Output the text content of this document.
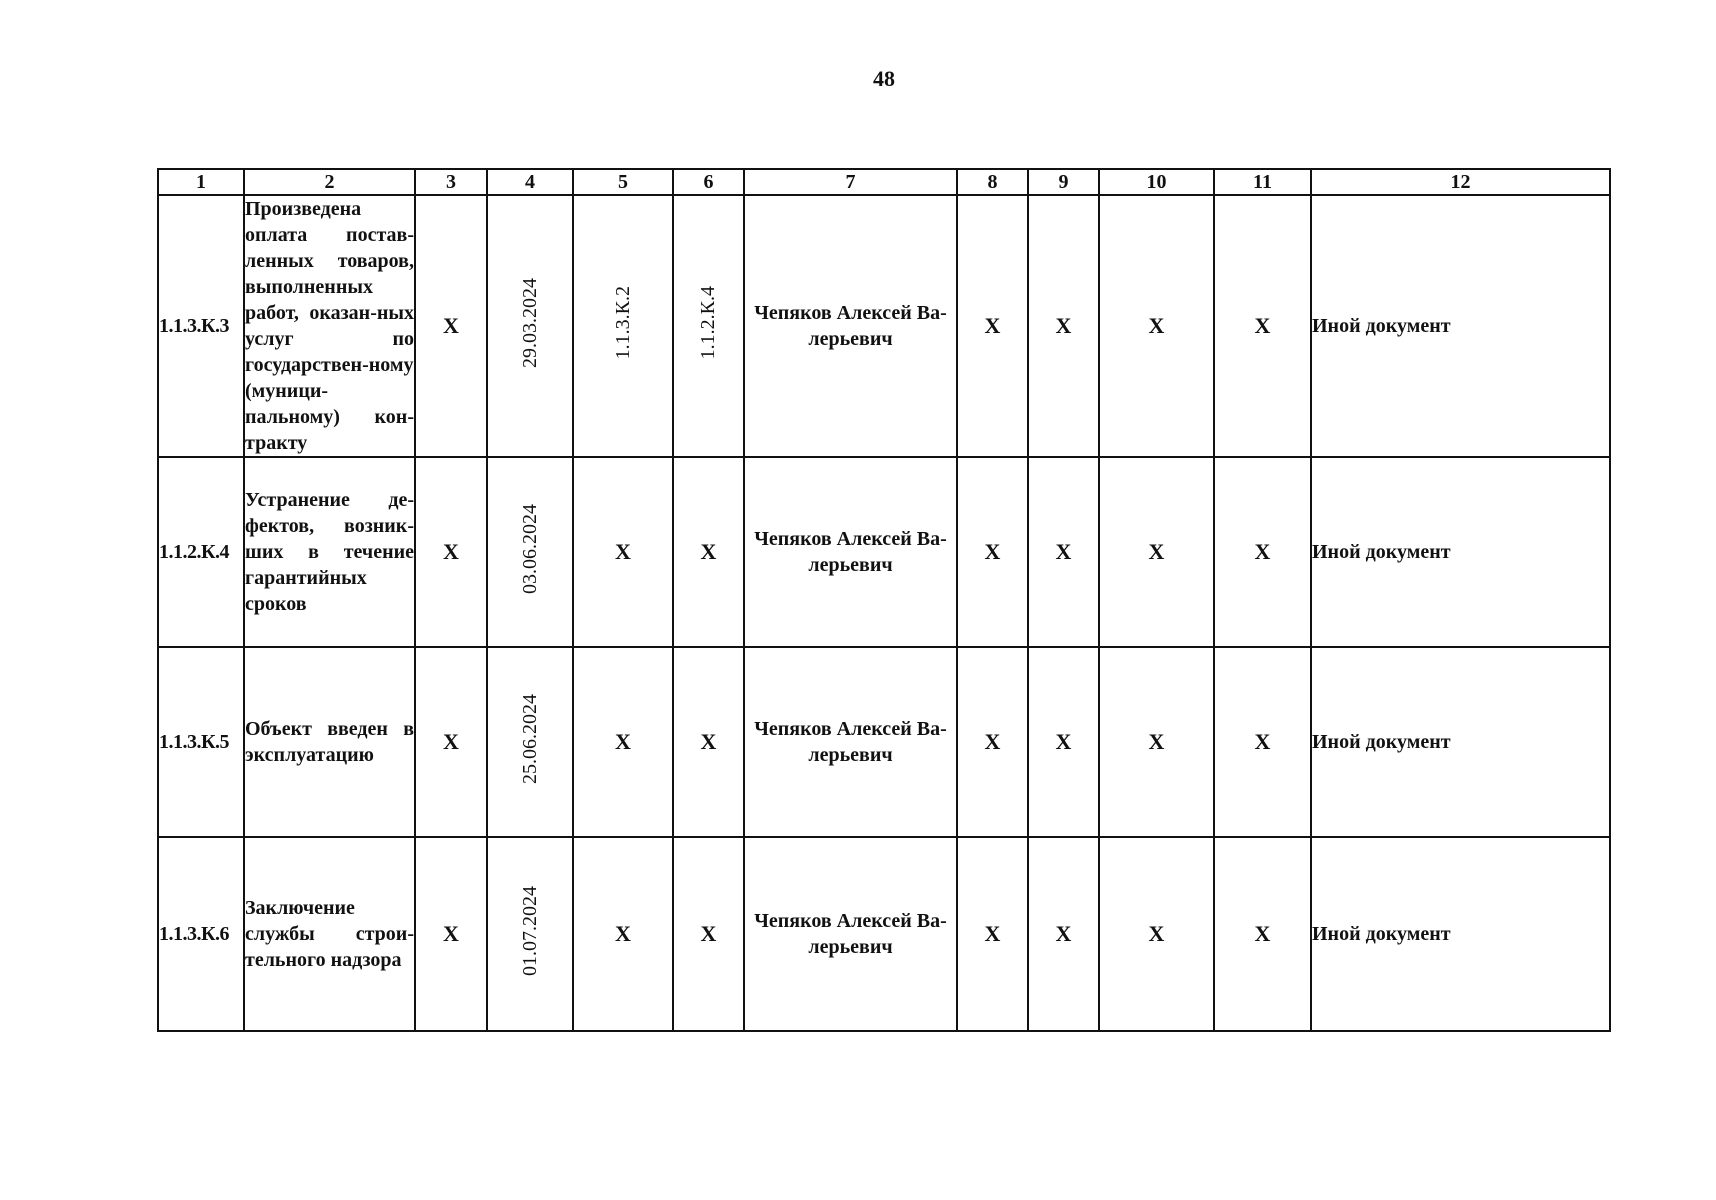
48
1	2	3	4	5	6	7	8	9	10	11	12
1.1.3.К.3	Произведена оплата постав-ленных товаров, выполненных работ, оказан-ных услуг по государствен-ному (муници-пальному) кон-тракту	Х	29.03.2024	1.1.3.К.2	1.1.2.К.4	Чепяков Алексей Ва-лерьевич	Х	Х	Х	Х	Иной документ
1.1.2.К.4	Устранение де-фектов, возник-ших в течение гарантийных сроков	Х	03.06.2024	Х	Х	Чепяков Алексей Ва-лерьевич	Х	Х	Х	Х	Иной документ
1.1.3.К.5	Объект введен в эксплуатацию	Х	25.06.2024	Х	Х	Чепяков Алексей Ва-лерьевич	Х	Х	Х	Х	Иной документ
1.1.3.К.6	Заключение службы строи-тельного надзора	Х	01.07.2024	Х	Х	Чепяков Алексей Ва-лерьевич	Х	Х	Х	Х	Иной документ
